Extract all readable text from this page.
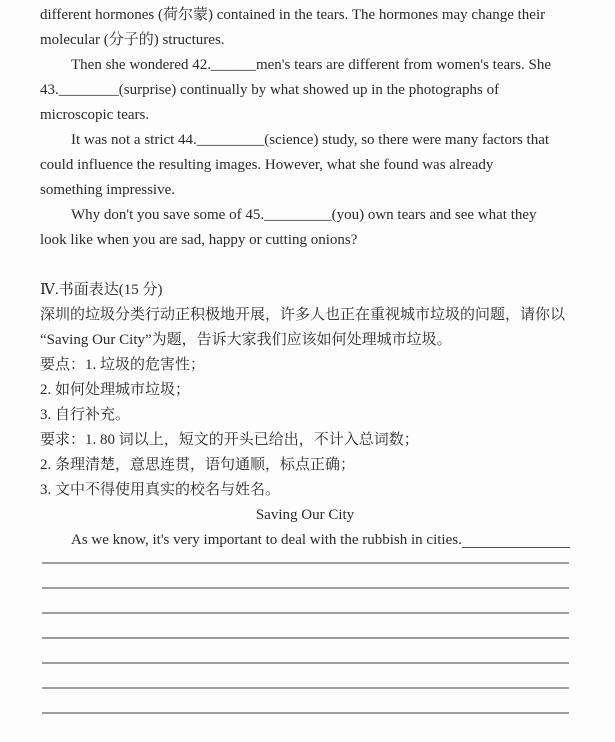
different hormones (荷尔蒙) contained in the tears. The hormones may change their
molecular (分子的) structures.
Then she wondered 42.______men's tears are different from women's tears. She
43.________(surprise) continually by what showed up in the photographs of
microscopic tears.
It was not a strict 44._________(science) study, so there were many factors that
could influence the resulting images. However, what she found was already
something impressive.
Why don't you save some of 45._________(you) own tears and see what they
look like when you are sad, happy or cutting onions?
Ⅳ.书面表达(15 分)
深圳的垃圾分类行动正积极地开展，许多人也正在重视城市垃圾的问题，请你以
“Saving Our City”为题，告诉大家我们应该如何处理城市垃圾。
要点：1. 垃圾的危害性；
2. 如何处理城市垃圾；
3. 自行补充。
要求：1. 80 词以上，短文的开头已给出，不计入总词数；
2. 条理清楚，意思连贯，语句通顺，标点正确；
3. 文中不得使用真实的校名与姓名。
Saving Our City
As we know, it's very important to deal with the rubbish in cities.
